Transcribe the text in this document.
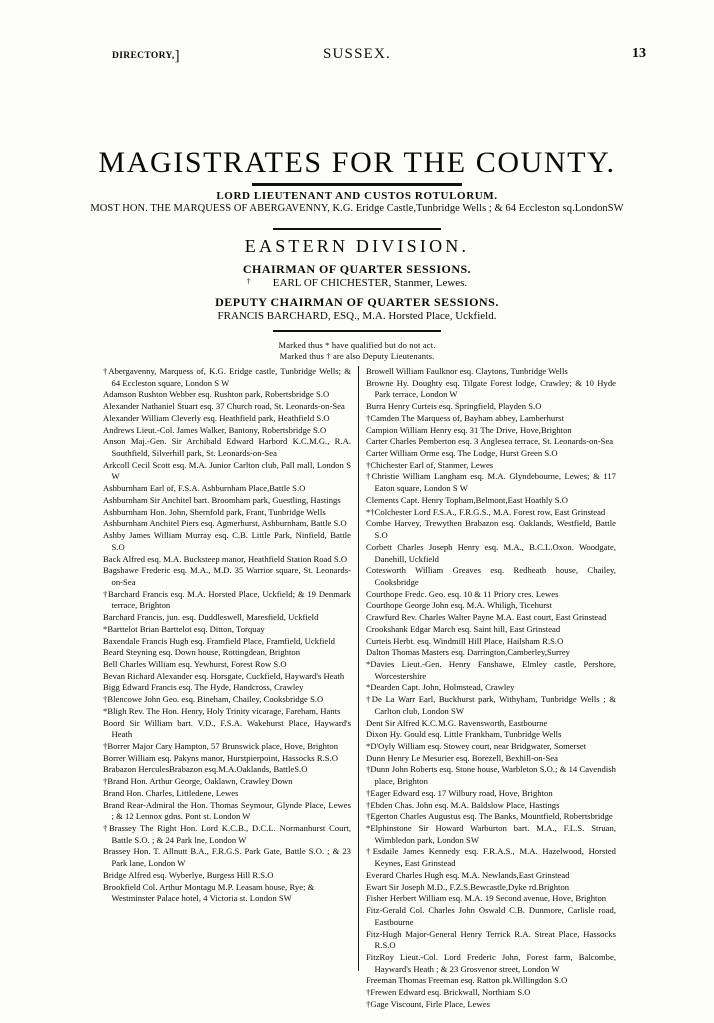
DIRECTORY,]	SUSSEX.	13
MAGISTRATES FOR THE COUNTY.
LORD LIEUTENANT AND CUSTOS ROTULORUM.
MOST HON. THE MARQUESS OF ABERGAVENNY, K.G. Eridge Castle,Tunbridge Wells ; & 64 Eccleston sq.LondonSW
EASTERN DIVISION.
CHAIRMAN OF QUARTER SESSIONS.
† EARL OF CHICHESTER, Stanmer, Lewes.
DEPUTY CHAIRMAN OF QUARTER SESSIONS.
FRANCIS BARCHARD, ESQ., M.A. Horsted Place, Uckfield.
Marked thus * have qualified but do not act.
Marked thus † are also Deputy Lieutenants.
†Abergavenny, Marquess of, K.G. Eridge castle, Tunbridge Wells; & 64 Eccleston square, London S W
Adamson Rushton Webber esq. Rushton park, Robertsbridge S.O
Alexander Nathaniel Stuart esq. 37 Church road, St. Leonards-on-Sea
Alexander William Cleverly esq. Heathfield park, Heathfield S.O
Andrews Lieut.-Col. James Walker, Bantony, Robertsbridge S.O
Anson Maj.-Gen. Sir Archibald Edward Harbord K.C.M.G., R.A. Southfield, Silverhill park, St. Leonards-on-Sea
Arkcoll Cecil Scott esq. M.A. Junior Carlton club, Pall mall, London S W
Ashburnham Earl of, F.S.A. Ashburnham Place,Battle S.O
Ashburnham Sir Anchitel bart. Broomham park, Guestling, Hastings
Ashburnham Hon. John, Shernfold park, Frant, Tunbridge Wells
Ashburnham Anchitel Piers esq. Agmerhurst, Ashburnham, Battle S.O
Ashby James William Murray esq. C.B. Little Park, Ninfield, Battle S.O
Back Alfred esq. M.A. Bucksteep manor, Heathfield Station Road S.O
Bagshawe Frederic esq. M.A., M.D. 35 Warrior square, St. Leonards-on-Sea
†Barchard Francis esq. M.A. Horsted Place, Uckfield; & 19 Denmark terrace, Brighton
Barchard Francis, jun. esq. Duddleswell, Maresfield, Uckfield
*Barttelot Brian Barttelot esq. Ditton, Torquay
Baxendale Francis Hugh esq. Framfield Place, Framfield, Uckfield
Beard Steyning esq. Down house, Rottingdean, Brighton
Bell Charles William esq. Yewhurst, Forest Row S.O
Bevan Richard Alexander esq. Horsgate, Cuckfield, Hayward's Heath
Bigg Edward Francis esq. The Hyde, Handcross, Crawley
†Blencowe John Geo. esq. Bineham, Chailey, Cooksbridge S.O
*Bligh Rev. The Hon. Henry, Holy Trinity vicarage, Fareham, Hants
Boord Sir William bart. V.D., F.S.A. Wakehurst Place, Hayward's Heath
†Borrer Major Cary Hampton, 57 Brunswick place, Hove, Brighton
Borrer William esq. Pakyns manor, Hurstpierpoint, Hassocks R.S.O
Brabazon HerculesBrabazon esq.M.A.Oaklands, BattleS.O
†Brand Hon. Arthur George, Oaklawn, Crawley Down
Brand Hon. Charles, Littledene, Lewes
Brand Rear-Admiral the Hon. Thomas Seymour, Glynde Place, Lewes ; & 12 Lennox gdns. Pont st. London W
†Brassey The Right Hon. Lord K.C.B., D.C.L. Normanhurst Court, Battle S.O. ; & 24 Park lne, London W
Brassey Hon. T. Allnutt B.A., F.R.G.S. Park Gate, Battle S.O. ; & 23 Park lane, London W
Bridge Alfred esq. Wyberlye, Burgess Hill R.S.O
Brookfield Col. Arthur Montagu M.P. Leasam house, Rye; & Westminster Palace hotel, 4 Victoria st. London SW
Browell William Faulknor esq. Claytons, Tunbridge Wells
Browne Hy. Doughty esq. Tilgate Forest lodge, Crawley; & 10 Hyde Park terrace, London W
Burra Henry Curteis esq. Springfield, Playden S.O
†Camden The Marquess of, Bayham abbey, Lamberhurst
Campion William Henry esq. 31 The Drive, Hove,Brighton
Carter Charles Pemberton esq. 3 Anglesea terrace, St. Leonards-on-Sea
Carter William Orme esq. The Lodge, Hurst Green S.O
†Chichester Earl of, Stanmer, Lewes
†Christie William Langham esq. M.A. Glyndebourne, Lewes; & 117 Eaton square, London S W
Clements Capt. Henry Topham,Belmont,East Hoathly S.O
*†Colchester Lord F.S.A., F.R.G.S., M.A. Forest row, East Grinstead
Combe Harvey, Trewythen Brabazon esq. Oaklands, Westfield, Battle S.O
Corbett Charles Joseph Henry esq. M.A., B.C.L.Oxon. Woodgate, Danehill, Uckfield
Cotesworth William Greaves esq. Redheath house, Chailey, Cooksbridge
Courthope Fredc. Geo. esq. 10 & 11 Priory cres. Lewes
Courthope George John esq. M.A. Whiligh, Ticehurst
Crawfurd Rev. Charles Walter Payne M.A. East court, East Grinstead
Crookshank Edgar March esq. Saint hill, East Grinstead
Curteis Herbt. esq. Windmill Hill Place, Hailsham R.S.O
Dalton Thomas Masters esq. Darrington,Camberley,Surrey
*Davies Lieut.-Gen. Henry Fanshawe, Elmley castle, Pershore, Worcestershire
*Dearden Capt. John, Holmstead, Crawley
†De La Warr Earl, Buckhurst park, Withyham, Tunbridge Wells ; & Carlton club, London SW
Dent Sir Alfred K.C.M.G. Ravensworth, Eastbourne
Dixon Hy. Gould esq. Little Frankham, Tunbridge Wells
*D'Oyly William esq. Stowey court, near Bridgwater, Somerset
Dunn Henry Le Mesurier esq. Borezell, Bexhill-on-Sea
†Dunn John Roberts esq. Stone house, Warbleton S.O.; & 14 Cavendish place, Brighton
†Eager Edward esq. 17 Wilbury road, Hove, Brighton
†Ebden Chas. John esq. M.A. Baldslow Place, Hastings
†Egerton Charles Augustus esq. The Banks, Mountfield, Robertsbridge
*Elphinstone Sir Howard Warburton bart. M.A., F.L.S. Struan, Wimbledon park, London SW
†Esdaile James Kennedy esq. F.R.A.S., M.A. Hazelwood, Horsted Keynes, East Grinstead
Everard Charles Hugh esq. M.A. Newlands,East Grinstead
Ewart Sir Joseph M.D., F.Z.S.Bewcastle,Dyke rd.Brighton
Fisher Herbert William esq. M.A. 19 Second avenue, Hove, Brighton
Fitz-Gerald Col. Charles John Oswald C.B. Dunmore, Carlisle road, Eastbourne
Fitz-Hugh Major-General Henry Terrick R.A. Streat Place, Hassocks R.S.O
FitzRoy Lieut.-Col. Lord Frederic John, Forest farm, Balcombe, Hayward's Heath ; & 23 Grosvenor street, London W
Freeman Thomas Freeman esq. Ratton pk.Willingdon S.O
†Frewen Edward esq. Brickwall, Northiam S.O
†Gage Viscount, Firle Place, Lewes
